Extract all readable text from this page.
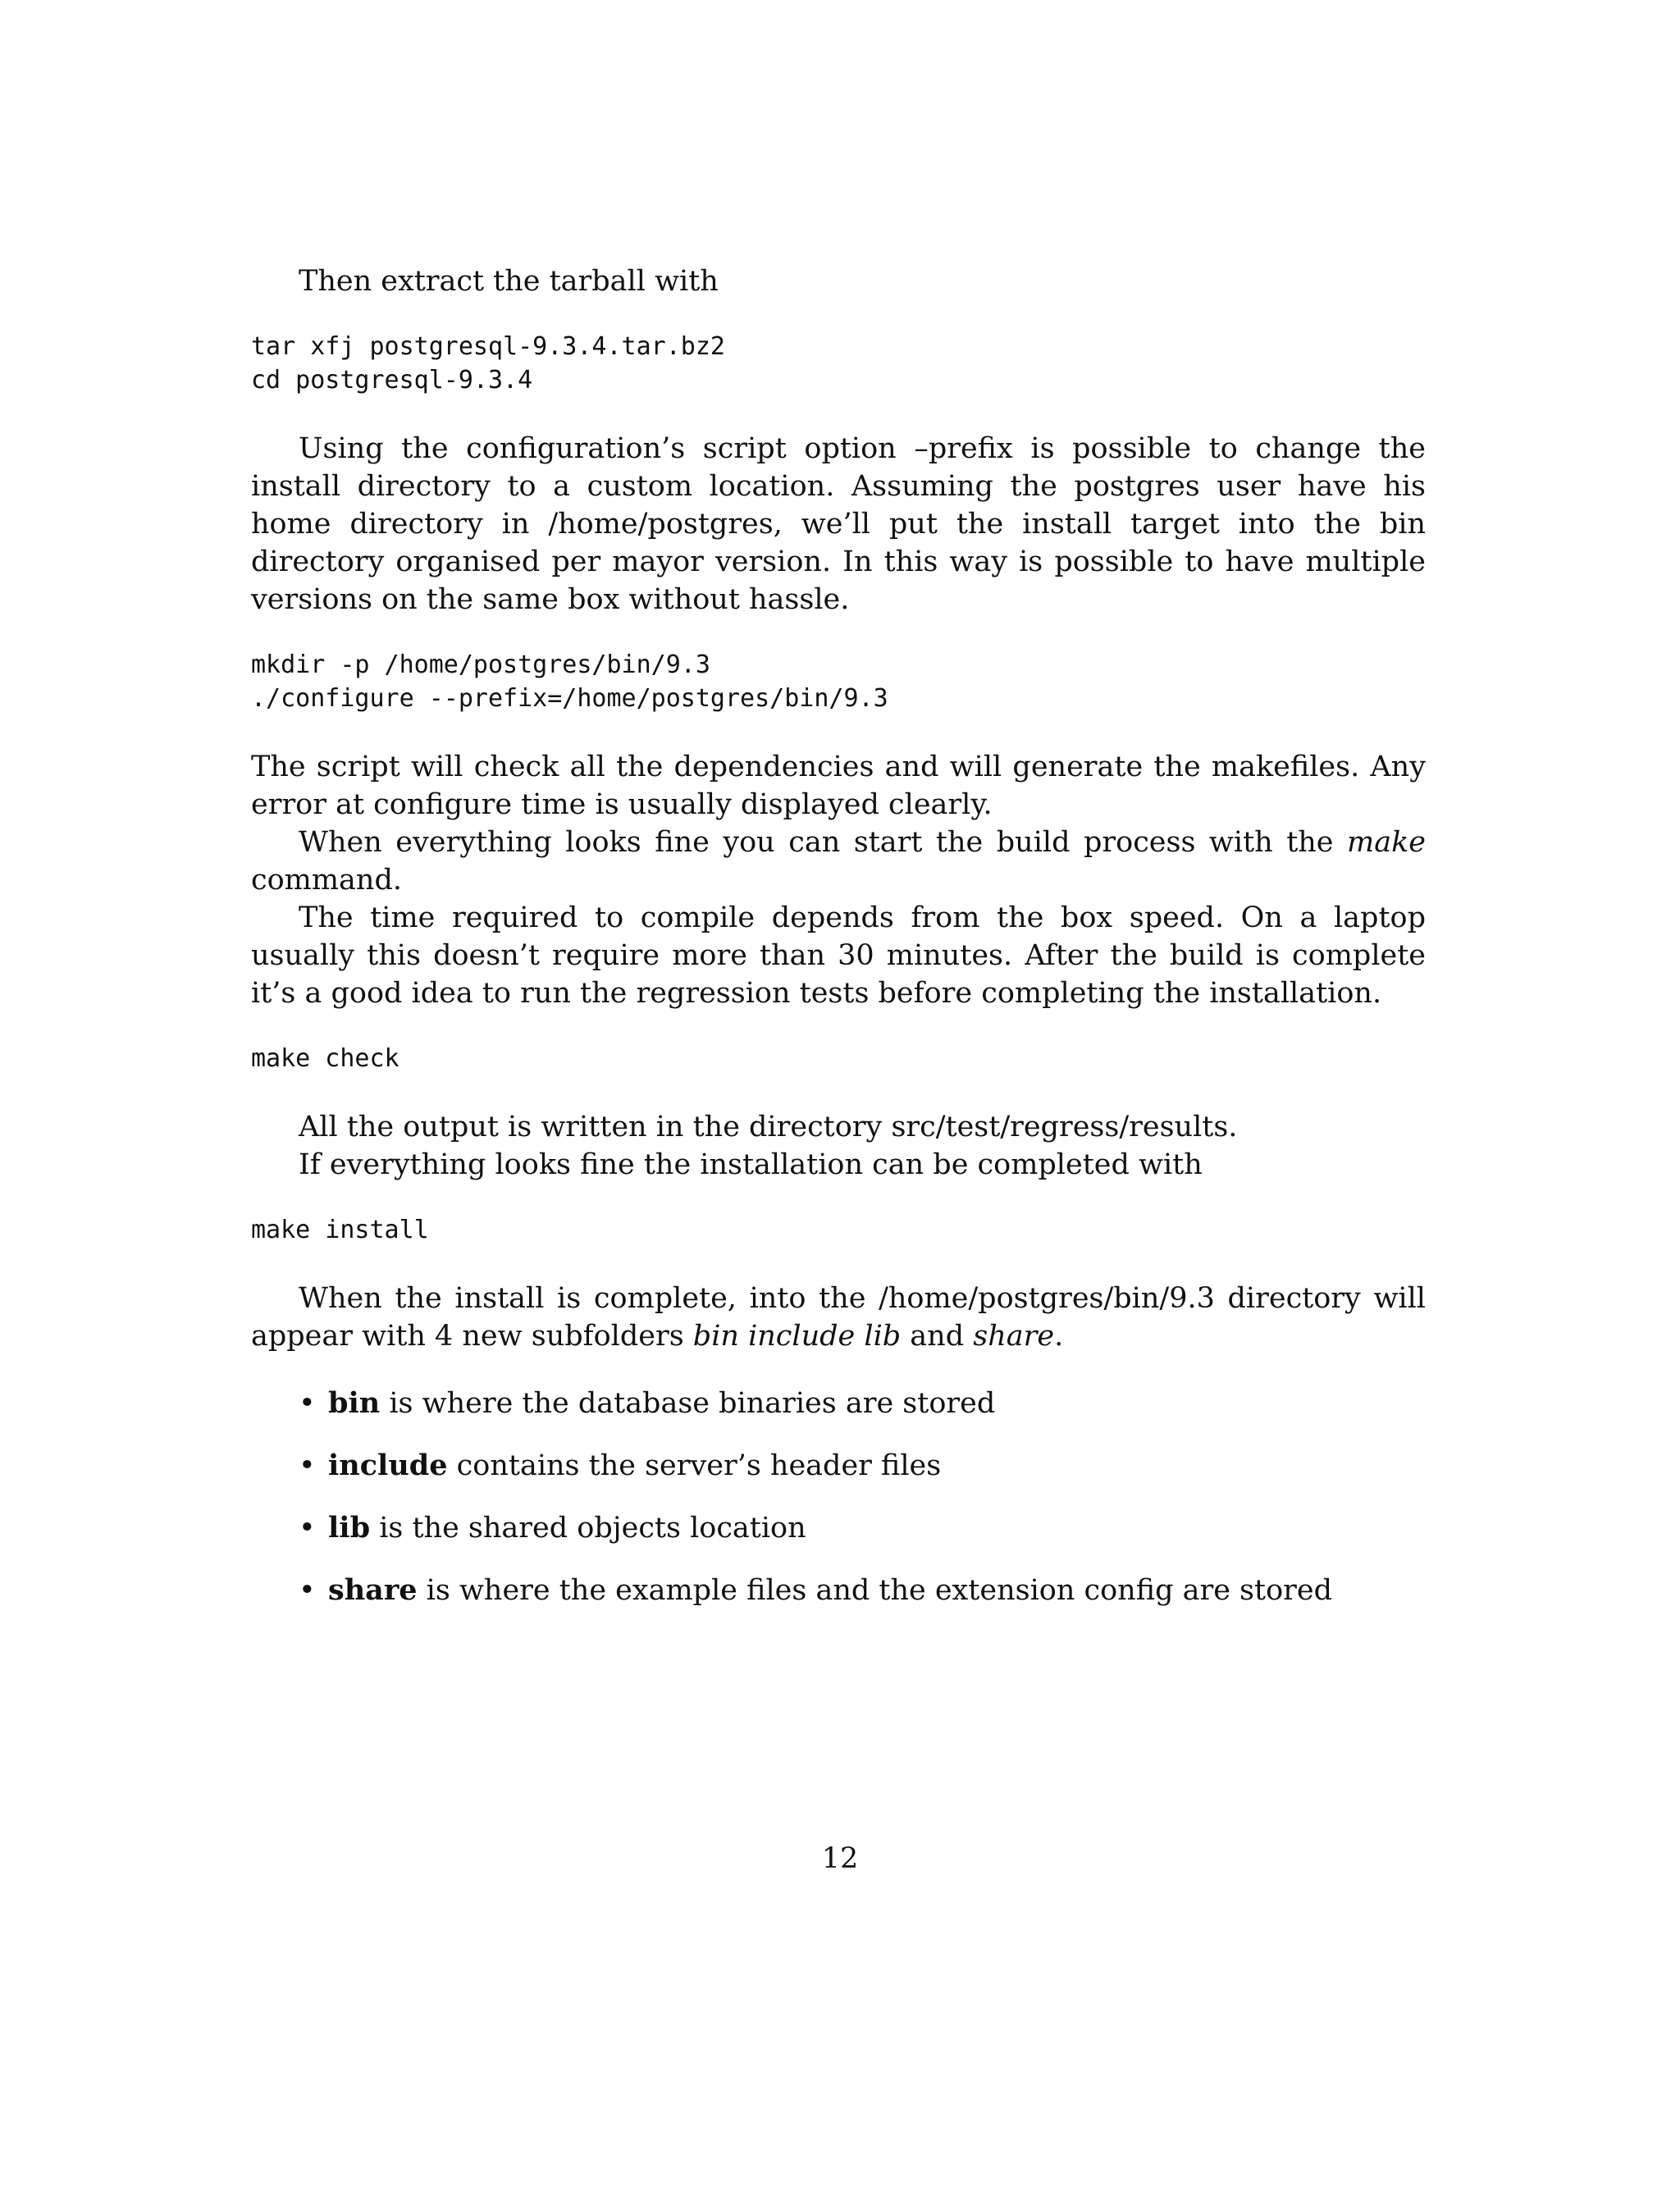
Then extract the tarball with

tar xfj postgresql-9.3.4.tar.bz2
cd postgresql-9.3.4

Using the configuration’s script option –prefix is possible to change the install directory to a custom location. Assuming the postgres user have his home directory in /home/postgres, we’ll put the install target into the bin directory organised per mayor version. In this way is possible to have multiple versions on the same box without hassle.

mkdir -p /home/postgres/bin/9.3
./configure --prefix=/home/postgres/bin/9.3

The script will check all the dependencies and will generate the makefiles. Any error at configure time is usually displayed clearly.

When everything looks fine you can start the build process with the make command.

The time required to compile depends from the box speed. On a laptop usually this doesn’t require more than 30 minutes. After the build is complete it’s a good idea to run the regression tests before completing the installation.

make check

All the output is written in the directory src/test/regress/results.

If everything looks fine the installation can be completed with

make install

When the install is complete, into the /home/postgres/bin/9.3 directory will appear with 4 new subfolders bin include lib and share.

• bin is where the database binaries are stored
• include contains the server’s header files
• lib is the shared objects location
• share is where the example files and the extension config are stored
12
